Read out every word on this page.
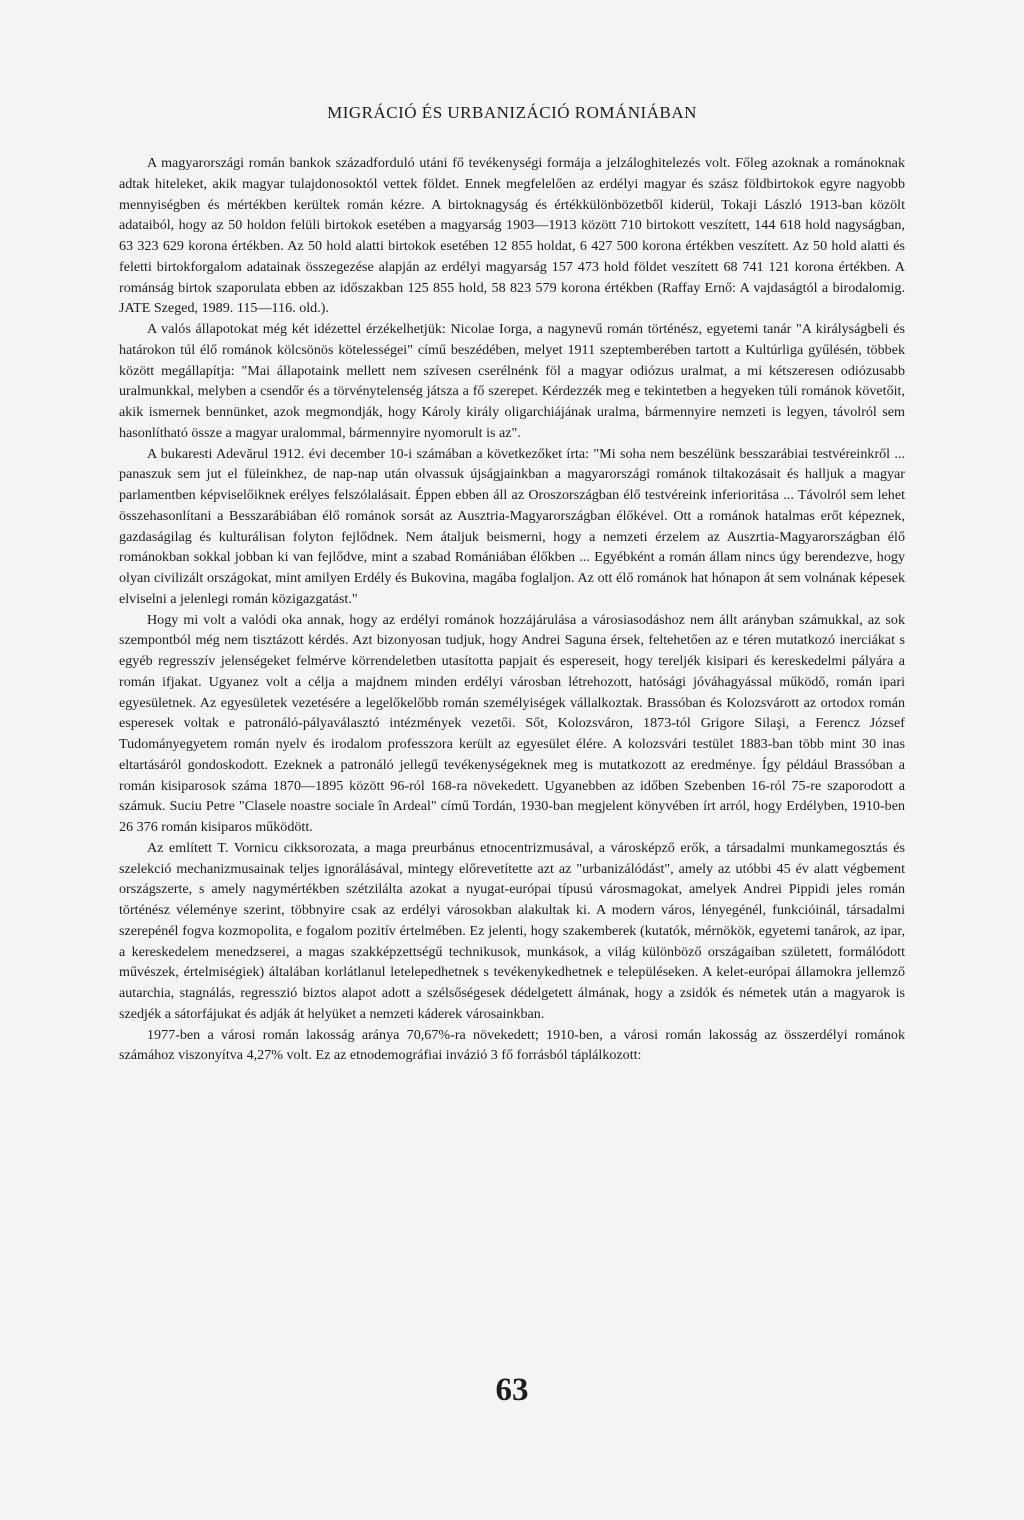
MIGRÁCIÓ ÉS URBANIZÁCIÓ ROMÁNIÁBAN

A magyarországi román bankok századforduló utáni fő tevékenységi formája a jelzáloghitelezés volt. Főleg azoknak a románoknak adtak hiteleket, akik magyar tulajdonosoktól vettek földet. Ennek megfelelően az erdélyi magyar és szász földbirtokok egyre nagyobb mennyiségben és mértékben kerültek román kézre. A birtoknagyság és értékkülönbözetből kiderül, Tokaji László 1913-ban közölt adataiból, hogy az 50 holdon felüli birtokok esetében a magyarság 1903—1913 között 710 birtokott veszített, 144 618 hold nagyságban, 63 323 629 korona értékben. Az 50 hold alatti birtokok esetében 12 855 holdat, 6 427 500 korona értékben veszített. Az 50 hold alatti és feletti birtokforgalom adatainak összegezése alapján az erdélyi magyarság 157 473 hold földet veszített 68 741 121 korona értékben. A románság birtok szaporulata ebben az időszakban 125 855 hold, 58 823 579 korona értékben (Raffay Ernő: A vajdaságtól a birodalomig. JATE Szeged, 1989. 115—116. old.).

A valós állapotokat még két idézettel érzékelhetjük: Nicolae Iorga, a nagynevű román történész, egyetemi tanár "A királyságbeli és határokon túl élő románok kölcsönös kötelességei" című beszédében, melyet 1911 szeptemberében tartott a Kultúrliga gyűlésén, többek között megállapítja: "Mai állapotaink mellett nem szívesen cserélnénk föl a magyar odiózus uralmat, a mi kétszeresen odiózusabb uralmunkkal, melyben a csendőr és a törvénytelenség játsza a fő szerepet. Kérdezzék meg e tekintetben a hegyeken túli románok követőit, akik ismernek bennünket, azok megmondják, hogy Károly király oligarchiájának uralma, bármennyire nemzeti is legyen, távolról sem hasonlítható össze a magyar uralommal, bármennyire nyomorult is az".

A bukaresti Adevărul 1912. évi december 10-i számában a következőket írta: "Mi soha nem beszélünk besszarábiai testvéreinkről ... panaszuk sem jut el füleinkhez, de nap-nap után olvassuk újságjainkban a magyarországi románok tiltakozásait és halljuk a magyar parlamentben képviselőiknek erélyes felszólalásait. Éppen ebben áll az Oroszországban élő testvéreink inferioritása ... Távolról sem lehet összehasonlítani a Besszarábiában élő románok sorsát az Ausztria-Magyarországban élőkével. Ott a románok hatalmas erőt képeznek, gazdaságilag és kulturálisan folyton fejlődnek. Nem átaljuk beismerni, hogy a nemzeti érzelem az Auszrtia-Magyarországban élő románokban sokkal jobban ki van fejlődve, mint a szabad Romániában élőkben ... Egyébként a román állam nincs úgy berendezve, hogy olyan civilizált országokat, mint amilyen Erdély és Bukovina, magába foglaljon. Az ott élő románok hat hónapon át sem volnának képesek elviselni a jelenlegi román közigazgatást."

Hogy mi volt a valódi oka annak, hogy az erdélyi románok hozzájárulása a városiasodáshoz nem állt arányban számukkal, az sok szempontból még nem tisztázott kérdés. Azt bizonyosan tudjuk, hogy Andrei Saguna érsek, feltehetően az e téren mutatkozó inerciákat s egyéb regresszív jelenségeket felmérve körrendeletben utasította papjait és espereseit, hogy tereljék kisipari és kereskedelmi pályára a román ifjakat. Ugyanez volt a célja a majdnem minden erdélyi városban létrehozott, hatósági jóváhagyással működő, román ipari egyesületnek. Az egyesületek vezetésére a legelőkelőbb román személyiségek vállalkoztak. Brassóban és Kolozsvárott az ortodox román esperesek voltak e patronáló-pályaválasztó intézmények vezetői. Sőt, Kolozsváron, 1873-tól Grigore Silaşi, a Ferencz József Tudományegyetem román nyelv és irodalom professzora került az egyesület élére. A kolozsvári testület 1883-ban több mint 30 inas eltartásáról gondoskodott. Ezeknek a patronáló jellegű tevékenységeknek meg is mutatkozott az eredménye. Így például Brassóban a román kisiparosok száma 1870—1895 között 96-ról 168-ra növekedett. Ugyanebben az időben Szebenben 16-ról 75-re szaporodott a számuk. Suciu Petre "Clasele noastre sociale în Ardeal" című Tordán, 1930-ban megjelent könyvében írt arról, hogy Erdélyben, 1910-ben 26 376 román kisiparos működött.

Az említett T. Vornicu cikksorozata, a maga preurbánus etnocentrizmusával, a városképző erők, a társadalmi munkamegosztás és szelekció mechanizmusainak teljes ignorálásával, mintegy előrevetítette azt az "urbanizálódást", amely az utóbbi 45 év alatt végbement országszerte, s amely nagymértékben szétzilálta azokat a nyugat-európai típusú városmagokat, amelyek Andrei Pippidi jeles román történész véleménye szerint, többnyire csak az erdélyi városokban alakultak ki. A modern város, lényegénél, funkcióinál, társadalmi szerepénél fogva kozmopolita, e fogalom pozitív értelmében. Ez jelenti, hogy szakemberek (kutatók, mérnökök, egyetemi tanárok, az ipar, a kereskedelem menedzserei, a magas szakképzettségű technikusok, munkások, a világ különböző országaiban született, formálódott művészek, értelmiségiek) általában korlátlanul letelepedhetnek s tevékenykedhetnek e településeken. A kelet-európai államokra jellemző autarchia, stagnálás, regresszió biztos alapot adott a szélsőségesek dédelgetett álmának, hogy a zsidók és németek után a magyarok is szedjék a sátorfájukat és adják át helyüket a nemzeti káderek városainkban.

1977-ben a városi román lakosság aránya 70,67%-ra növekedett; 1910-ben, a városi román lakosság az összerdélyi románok számához viszonyítva 4,27% volt. Ez az etnodemográfiai invázió 3 fő forrásból táplálkozott:

63
